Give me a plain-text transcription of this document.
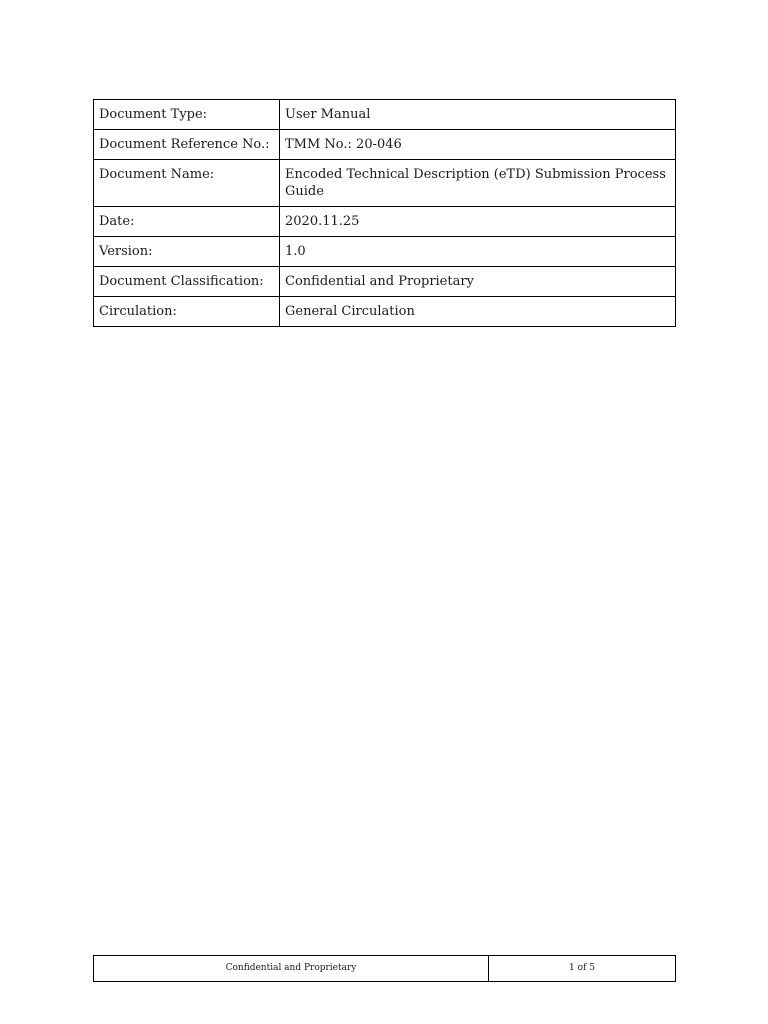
Document Type:	User Manual
Document Reference No.:	TMM No.: 20-046
Document Name:	Encoded Technical Description (eTD) Submission Process Guide
Date:	2020.11.25
Version:	1.0
Document Classification:	Confidential and Proprietary
Circulation:	General Circulation
Confidential and Proprietary	1 of 5
